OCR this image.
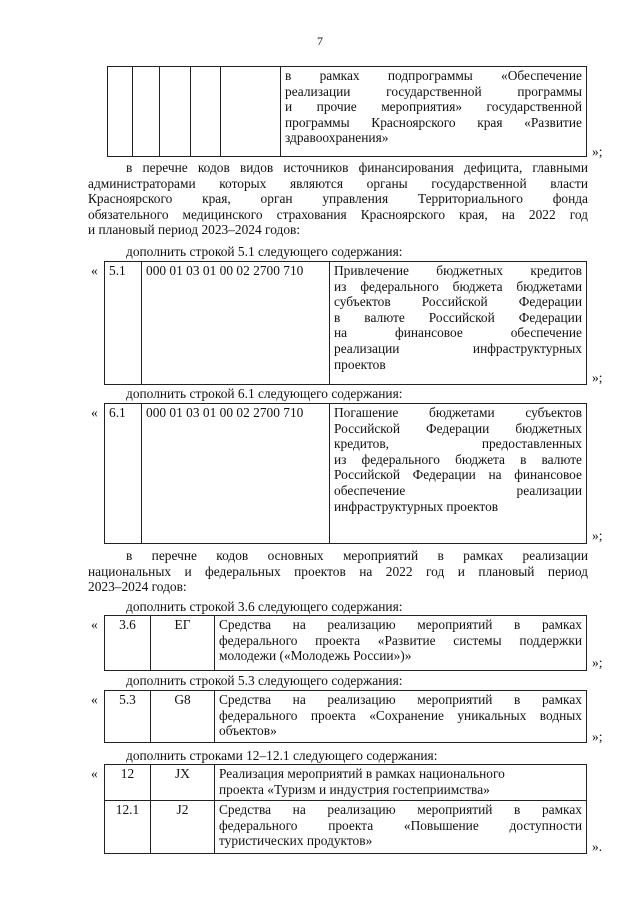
7

в рамках подпрограммы «Обеспечение
реализации государственной программы
и прочие мероприятия» государственной
программы Красноярского края «Развитие
здравоохранения»
»;
в перечне кодов видов источников финансирования дефицита, главными
администраторами которых являются органы государственной власти
Красноярского края, орган управления Территориального фонда
обязательного медицинского страхования Красноярского края, на 2022 год
и плановый период 2023–2024 годов:
дополнить строкой 5.1 следующего содержания:
« 5.1	000 01 03 01 00 02 2700 710	Привлечение бюджетных кредитов
из федерального бюджета бюджетами
субъектов Российской Федерации
в валюте Российской Федерации
на финансовое обеспечение
реализации инфраструктурных
проектов
»;
дополнить строкой 6.1 следующего содержания:
« 6.1	000 01 03 01 00 02 2700 710	Погашение бюджетами субъектов
Российской Федерации бюджетных
кредитов, предоставленных
из федерального бюджета в валюте
Российской Федерации на финансовое
обеспечение реализации
инфраструктурных проектов
»;
в перечне кодов основных мероприятий в рамках реализации
национальных и федеральных проектов на 2022 год и плановый период
2023–2024 годов:
дополнить строкой 3.6 следующего содержания:
« 3.6	ЕГ	Средства на реализацию мероприятий в рамках
федерального проекта «Развитие системы поддержки
молодежи («Молодежь России»)»	»;
дополнить строкой 5.3 следующего содержания:
« 5.3	G8	Средства на реализацию мероприятий в рамках
федерального проекта «Сохранение уникальных водных
объектов»	»;
дополнить строками 12–12.1 следующего содержания:
« 12	JX	Реализация мероприятий в рамках национального
проекта «Туризм и индустрия гостеприимства»

12.1	J2	Средства на реализацию мероприятий в рамках
федерального проекта «Повышение доступности
туристических продуктов»	».
